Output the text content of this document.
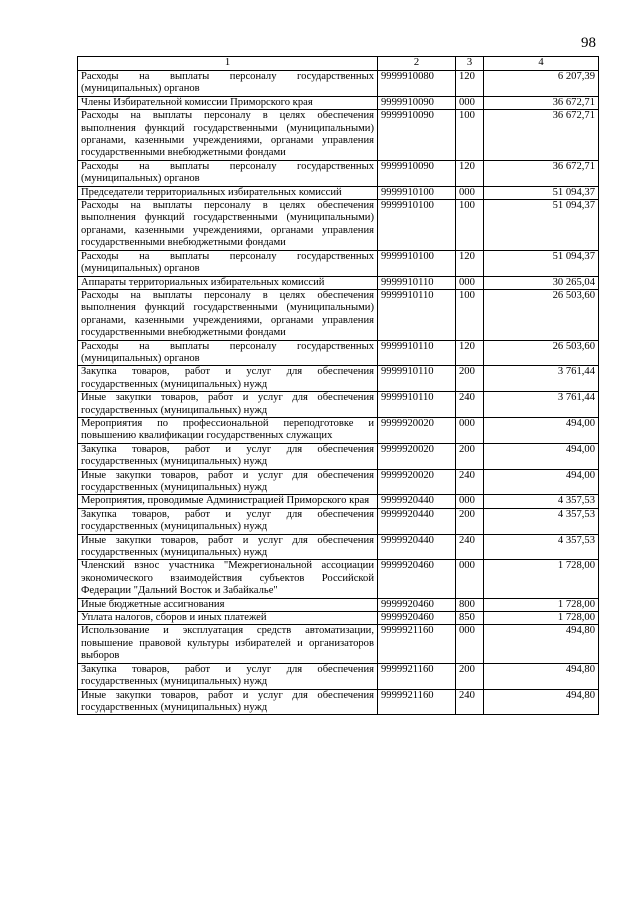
98
1	2	3	4
Расходы на выплаты персоналу государственных (муниципальных) органов	9999910080	120	6 207,39
Члены Избирательной комиссии Приморского края	9999910090	000	36 672,71
Расходы на выплаты персоналу в целях обеспечения выполнения функций государственными (муниципальными) органами, казенными учреждениями, органами управления государственными внебюджетными фондами	9999910090	100	36 672,71
Расходы на выплаты персоналу государственных (муниципальных) органов	9999910090	120	36 672,71
Председатели территориальных избирательных комиссий	9999910100	000	51 094,37
Расходы на выплаты персоналу в целях обеспечения выполнения функций государственными (муниципальными) органами, казенными учреждениями, органами управления государственными внебюджетными фондами	9999910100	100	51 094,37
Расходы на выплаты персоналу государственных (муниципальных) органов	9999910100	120	51 094,37
Аппараты территориальных избирательных комиссий	9999910110	000	30 265,04
Расходы на выплаты персоналу в целях обеспечения выполнения функций государственными (муниципальными) органами, казенными учреждениями, органами управления государственными внебюджетными фондами	9999910110	100	26 503,60
Расходы на выплаты персоналу государственных (муниципальных) органов	9999910110	120	26 503,60
Закупка товаров, работ и услуг для обеспечения государственных (муниципальных) нужд	9999910110	200	3 761,44
Иные закупки товаров, работ и услуг для обеспечения государственных (муниципальных) нужд	9999910110	240	3 761,44
Мероприятия по профессиональной переподготовке и повышению квалификации государственных служащих	9999920020	000	494,00
Закупка товаров, работ и услуг для обеспечения государственных (муниципальных) нужд	9999920020	200	494,00
Иные закупки товаров, работ и услуг для обеспечения государственных (муниципальных) нужд	9999920020	240	494,00
Мероприятия, проводимые Администрацией Приморского края	9999920440	000	4 357,53
Закупка товаров, работ и услуг для обеспечения государственных (муниципальных) нужд	9999920440	200	4 357,53
Иные закупки товаров, работ и услуг для обеспечения государственных (муниципальных) нужд	9999920440	240	4 357,53
Членский взнос участника "Межрегиональной ассоциации экономического взаимодействия субъектов Российской Федерации "Дальний Восток и Забайкалье"	9999920460	000	1 728,00
Иные бюджетные ассигнования	9999920460	800	1 728,00
Уплата налогов, сборов и иных платежей	9999920460	850	1 728,00
Использование и эксплуатация средств автоматизации, повышение правовой культуры избирателей и организаторов выборов	9999921160	000	494,80
Закупка товаров, работ и услуг для обеспечения государственных (муниципальных) нужд	9999921160	200	494,80
Иные закупки товаров, работ и услуг для обеспечения государственных (муниципальных) нужд	9999921160	240	494,80
